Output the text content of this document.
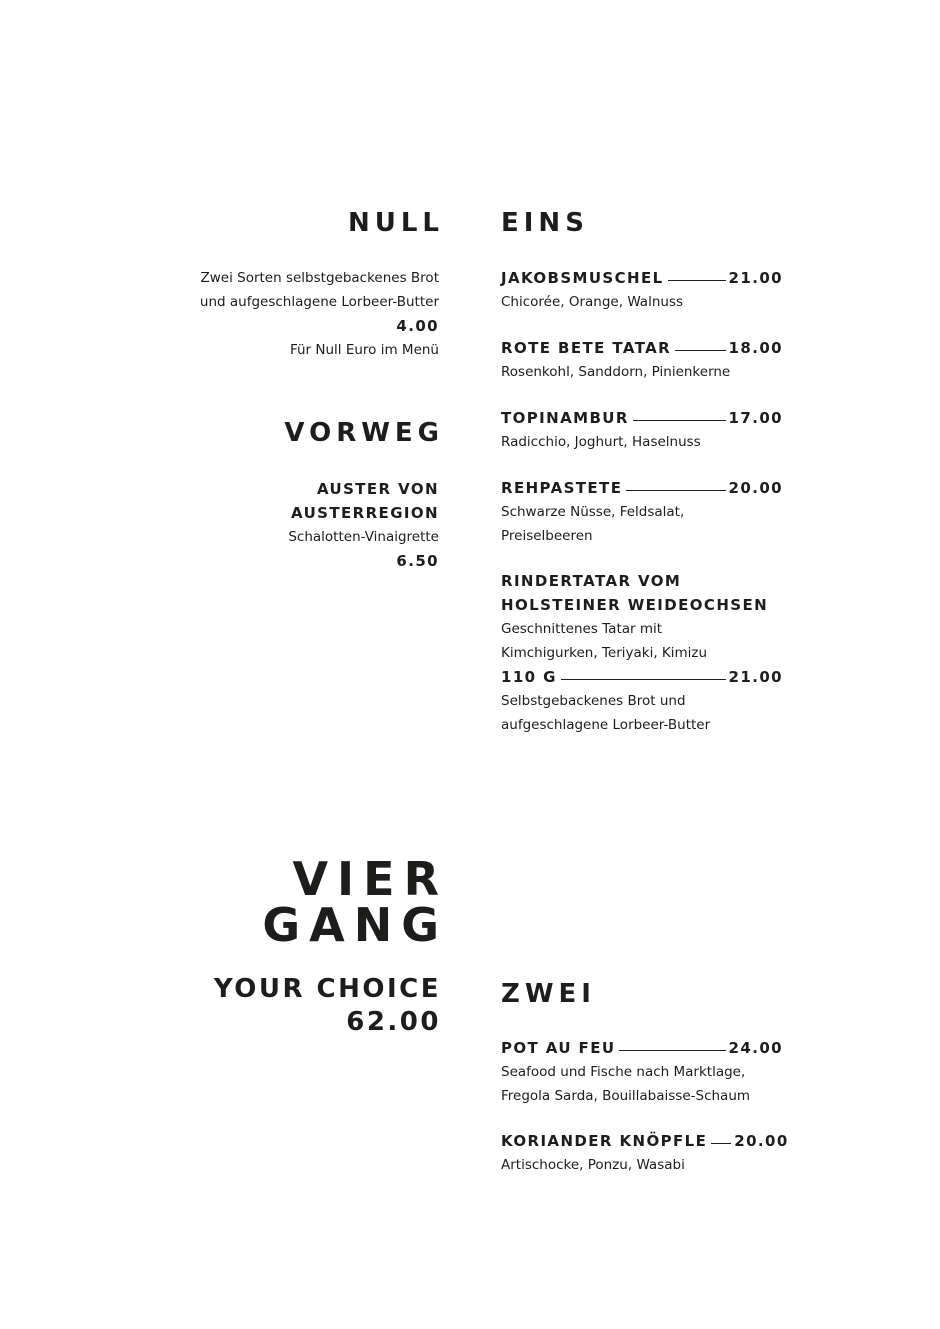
NULL
Zwei Sorten selbstgebackenes Brot
und aufgeschlagene Lorbeer-Butter
4.00
Für Null Euro im Menü
VORWEG
AUSTER VON
AUSTERREGION
Schalotten-Vinaigrette
6.50
VIER
GANG
YOUR CHOICE
62.00
EINS
JAKOBSMUSCHEL	21.00
Chicorée, Orange, Walnuss
ROTE BETE TATAR	18.00
Rosenkohl, Sanddorn, Pinienkerne
TOPINAMBUR	17.00
Radicchio, Joghurt, Haselnuss
REHPASTETE	20.00
Schwarze Nüsse, Feldsalat,
Preiselbeeren
RINDERTATAR VOM
HOLSTEINER WEIDEOCHSEN
Geschnittenes Tatar mit
Kimchigurken, Teriyaki, Kimizu
110 G	21.00
Selbstgebackenes Brot und
aufgeschlagene Lorbeer-Butter
ZWEI
POT AU FEU	24.00
Seafood und Fische nach Marktlage,
Fregola Sarda, Bouillabaisse-Schaum
KORIANDER KNÖPFLE 20.00
Artischocke, Ponzu, Wasabi
